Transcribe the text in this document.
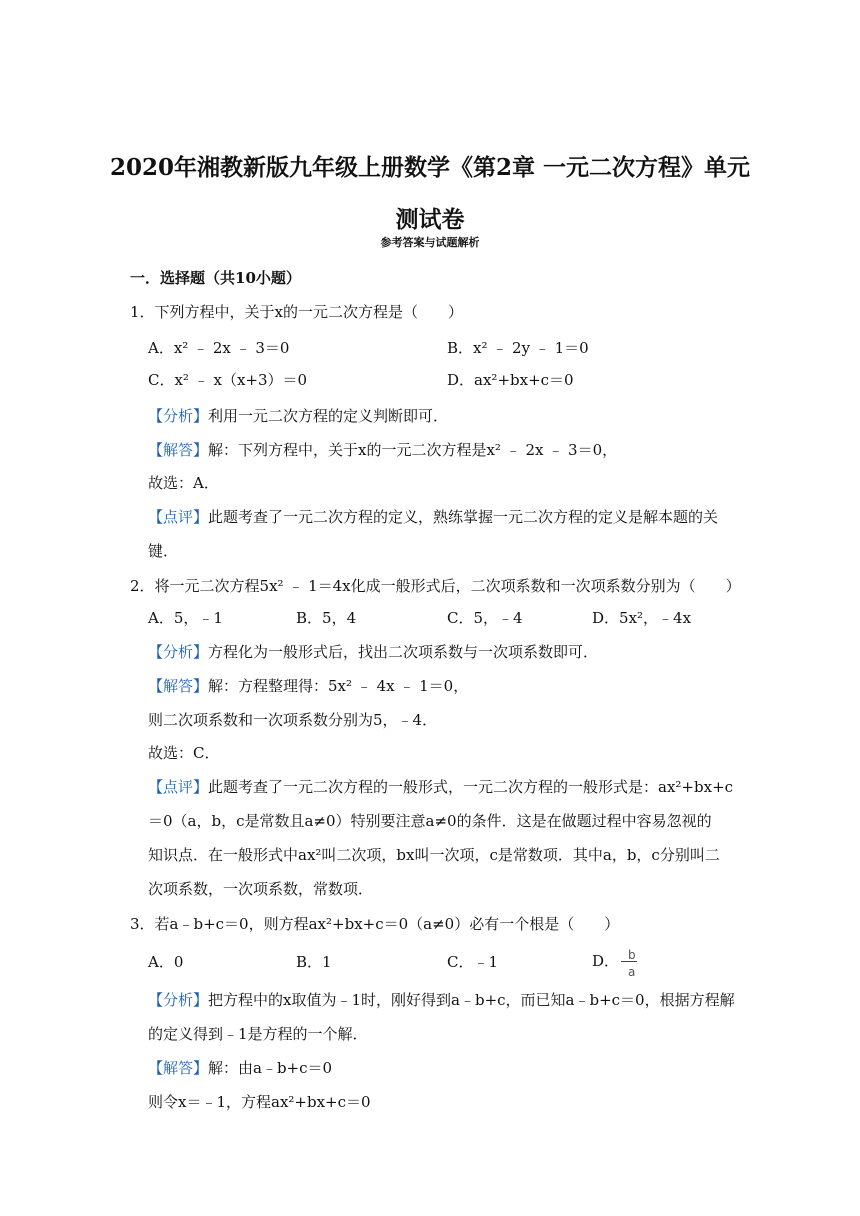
2020年湘教新版九年级上册数学《第2章 一元二次方程》单元
测试卷
参考答案与试题解析
一．选择题（共10小题）
1．下列方程中，关于x的一元二次方程是（　　）
A．x² ﹣ 2x ﹣ 3＝0	B．x² ﹣ 2y ﹣ 1＝0
C．x² ﹣ x（x+3）＝0	D．ax²+bx+c＝0
【分析】利用一元二次方程的定义判断即可．
【解答】解：下列方程中，关于x的一元二次方程是x² ﹣ 2x ﹣ 3＝0，
故选：A．
【点评】此题考查了一元二次方程的定义，熟练掌握一元二次方程的定义是解本题的关
键．
2．将一元二次方程5x² ﹣ 1＝4x化成一般形式后，二次项系数和一次项系数分别为（　　）
A．5，﹣1	B．5，4	C．5，﹣4	D．5x²，﹣4x
【分析】方程化为一般形式后，找出二次项系数与一次项系数即可．
【解答】解：方程整理得：5x² ﹣ 4x ﹣ 1＝0，
则二次项系数和一次项系数分别为5，﹣4．
故选：C．
【点评】此题考查了一元二次方程的一般形式，一元二次方程的一般形式是：ax²+bx+c
＝0（a，b，c是常数且a≠0）特别要注意a≠0的条件．这是在做题过程中容易忽视的
知识点．在一般形式中ax²叫二次项，bx叫一次项，c是常数项．其中a，b，c分别叫二
次项系数，一次项系数，常数项．
3．若a﹣b+c＝0，则方程ax²+bx+c＝0（a≠0）必有一个根是（　　）
A．0	B．1	C．﹣1	D． $\frac{b}{a}$
【分析】把方程中的x取值为﹣1时，刚好得到a﹣b+c，而已知a﹣b+c＝0，根据方程解
的定义得到﹣1是方程的一个解．
【解答】解：由a﹣b+c＝0
则令x＝﹣1，方程ax²+bx+c＝0
